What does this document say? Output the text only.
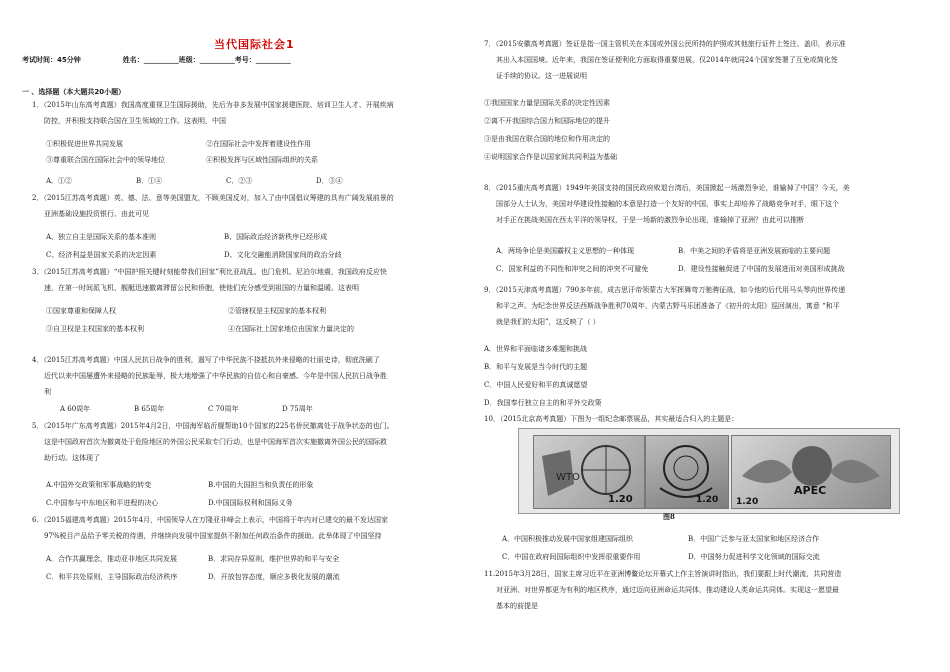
当代国际社会1
考试时间：45分钟	姓名：__________班级：__________考号：__________
一 、选择题（本大题共20小题）
1．（2015年山东高考真题）我国高度重视卫生国际援助，先后为非多发展中国家援建医院、培训卫生人才、开展疾病
防控，并积极支持联合国在卫生领域的工作。这表明，中国
①积极促进世界共同发展	②在国际社会中发挥着建设性作用
③尊重联合国在国际社会中的领导地位	④积极发挥与区域性国际组织的关系
A．①②	B．①④	C．②③	D．③④
2．（2015江苏高考真题）英、德、法、意等美国盟友，不顾美国反对，加入了由中国倡议筹建的具有广阔发展前景的
亚洲基础设施投资银行。由此可见
A、独立自主是国际关系的基本准则	B、国际政治经济新秩序已经形成
C、经济利益是国家关系的决定因素	D、文化交融能消除国家间的政治分歧
3．（2015江苏高考真题）“中国护照关键时刻能带我们回家”利比亚战乱、也门危机、尼泊尔地震，我国政府反应快
速，在第一时间派飞机、舰艇迅速撤离滞留公民和侨胞，使他们充分感受到祖国的力量和温暖。这表明
①国家尊重和保障人权	②管辖权是主权国家的基本权利
③自卫权是主权国家的基本权利	④在国际社上国家地位由国家力量决定的
4．（2015江苏高考真题）中国人民抗日战争的胜利，遏写了中华民族不挠抵抗外来侵略的壮丽史诗，彻底洗刷了
近代以来中国屡遭外来侵略的民族耻辱，极大地增强了中华民族的自信心和自豪感。今年是中国人民抗日战争胜
利
A 60周年	B 65周年	C 70周年	D 75周年
5．（2015年广东高考真题）2015年4月2日，中国海军临沂舰帮助10个国家的225名侨民撤离处于战争状态的也门。
这是中国政府首次为撤离处于危险地区的外国公民采取专门行动，也是中国海军首次实施撤离外国公民的国际救
助行动。这体现了
A.中国外交政策和军事战略的转变	B.中国的大国担当和负责任的形象
C.中国参与中东地区和平进程的决心	D.中国国际权利和国际义务
6．（2015福建高考真题）2015年4月，中国领导人在万隆亚非峰会上表示，中国将于年内对已建交的最不发达国家
97%税目产品给予零关税的待遇，并继续向发展中国家提供不附加任何政治条件的援助。此举体现了中国坚持
A．合作共赢理念，推动亚非地区共同发展	B．求同存异原则，维护世界的和平与安全
C．和平共处原则，主导国际政治经济秩序	D．开放包容态度，顺应多极化发展的潮流
7．（2015安徽高考真题）签证是指一国主管机关在本国或外国公民所持的护照或其他旅行证件上签注、盖印，表示准
其出入本国国境。近年来，我国在签证便利化方面取得重要进展，仅2014年就同24个国家签署了互免或简化签
证手续的协议。这一进展说明
①我国国家力量是国际关系的决定性因素
②离不开我国综合国力和国际地位的提升
③是由我国在联合国的地位和作用决定的
④说明国家合作是以国家间共同利益为基础
8．（2015重庆高考真题）1949年美国支持的国民政府败退台湾后，美国掀起一场激烈争论，谁输掉了中国？今天，美
国部分人士认为，美国对华建设性接触的本意是打造一个友好的中国，事实上却培养了战略竞争对手，眼下这个
对手正在挑战美国在西太平洋的领导权，于是一场新的激烈争论出现，谁输掉了亚洲？由此可以推断
A．两场争论是美国霸权主义思想的一种体现	B．中美之间的矛盾将是亚洲发展面临的主要问题
C．国家利益的不同性和冲突之间的冲突不可避免	D．建设性接触促进了中国的发展进而对美国形成挑战
9．（2015天津高考真题）790多年前，成吉思汗帝领蒙古大军挥舞弯刀驰骋征战，如今他的后代用马头琴向世界传递
和平之声。为纪念世界反法西斯战争胜利70周年，内蒙古野马乐团准备了《初升的太阳》巡回演出，寓意 “和平
就是我们的太阳”，这反映了（ ）
A．世界和平面临诸多难题和挑战
B．和平与发展是当今时代的主题
C．中国人民爱好和平的真诚愿望
D．我国奉行独立自主的和平外交政策
10．（2015北京高考真题）下图为一组纪念邮票展品，其实最适合归入的主题是：
WTO
1.20	1.20
APEC
1.20
图8
A．中国积极推动发展中国家组建国际组织	B．中国广泛参与亚太国家和地区经济合作
C．中国在政府间国际组织中发挥很重要作用	D．中国努力促进科学文化领域的国际交流
11.2015年3月28日，国家主席习近平在亚洲博鳌论坛开幕式上作主旨演讲时指出，我们要跟上时代潮流，共同营造
对亚洲、对世界都更为有利的地区秩序，通过迈向亚洲命运共同体，推动建设人类命运共同体。实现这一愿望最
基本的前提是
